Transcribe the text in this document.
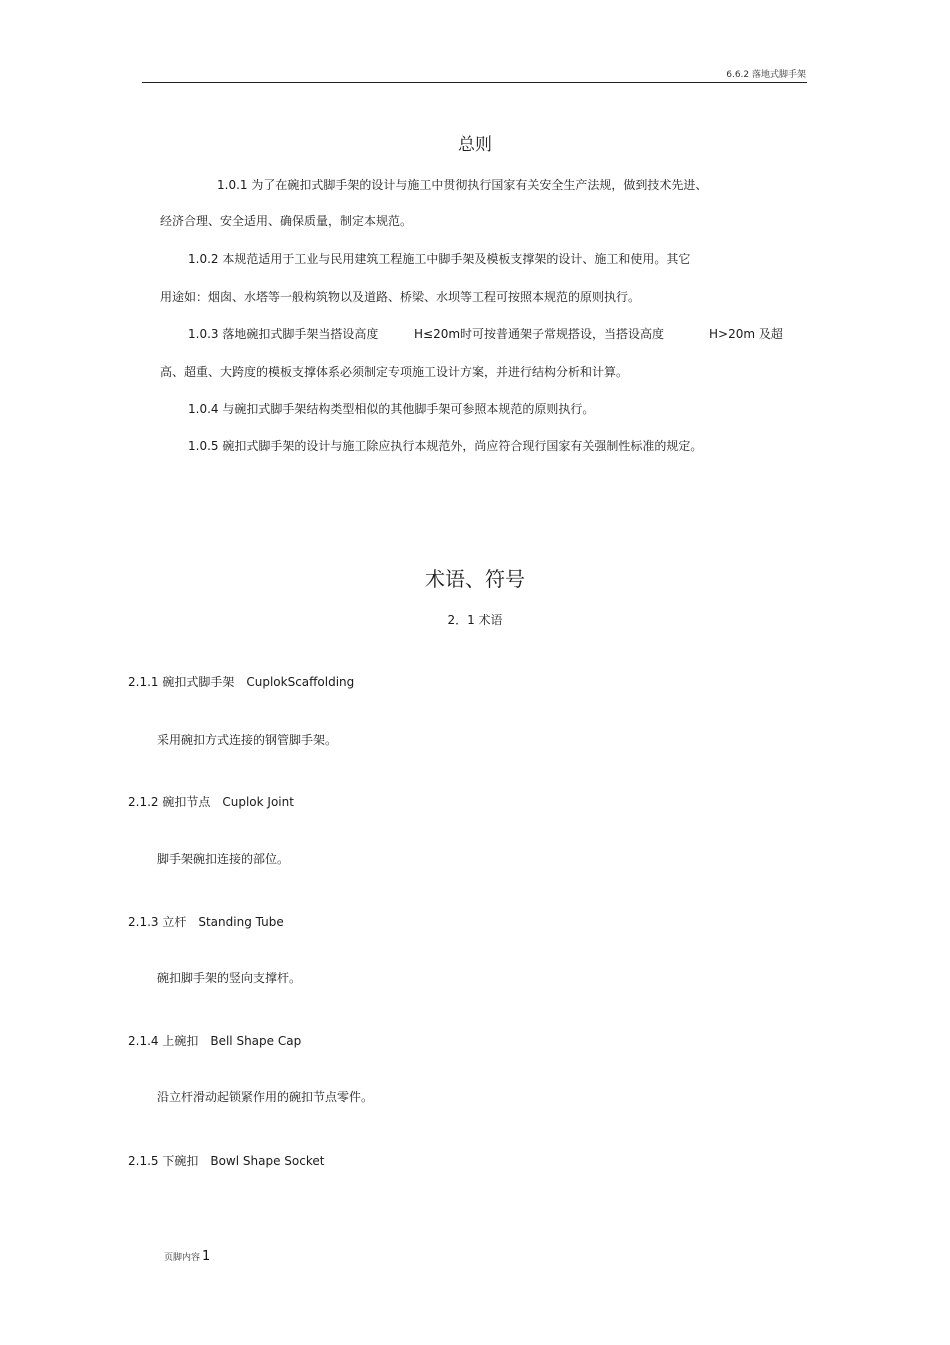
6.6.2 落地式脚手架
总则
1.0.1 为了在碗扣式脚手架的设计与施工中贯彻执行国家有关安全生产法规，做到技术先进、
经济合理、安全适用、确保质量，制定本规范。
1.0.2 本规范适用于工业与民用建筑工程施工中脚手架及模板支撑架的设计、施工和使用。其它
用途如：烟囱、水塔等一般构筑物以及道路、桥梁、水坝等工程可按照本规范的原则执行。
1.0.3 落地碗扣式脚手架当搭设高度	H≤20m时可按普通架子常规搭设，当搭设高度	H>20m 及超
高、超重、大跨度的模板支撑体系必须制定专项施工设计方案，并进行结构分析和计算。
1.0.4 与碗扣式脚手架结构类型相似的其他脚手架可参照本规范的原则执行。
1.0.5 碗扣式脚手架的设计与施工除应执行本规范外，尚应符合现行国家有关强制性标准的规定。
术语、符号
2．1 术语
2.1.1 碗扣式脚手架 CuplokScaffolding
采用碗扣方式连接的钢管脚手架。
2.1.2 碗扣节点 Cuplok Joint
脚手架碗扣连接的部位。
2.1.3 立杆 Standing Tube
碗扣脚手架的竖向支撑杆。
2.1.4 上碗扣 Bell Shape Cap
沿立杆滑动起锁紧作用的碗扣节点零件。
2.1.5 下碗扣 Bowl Shape Socket
页脚内容 1
